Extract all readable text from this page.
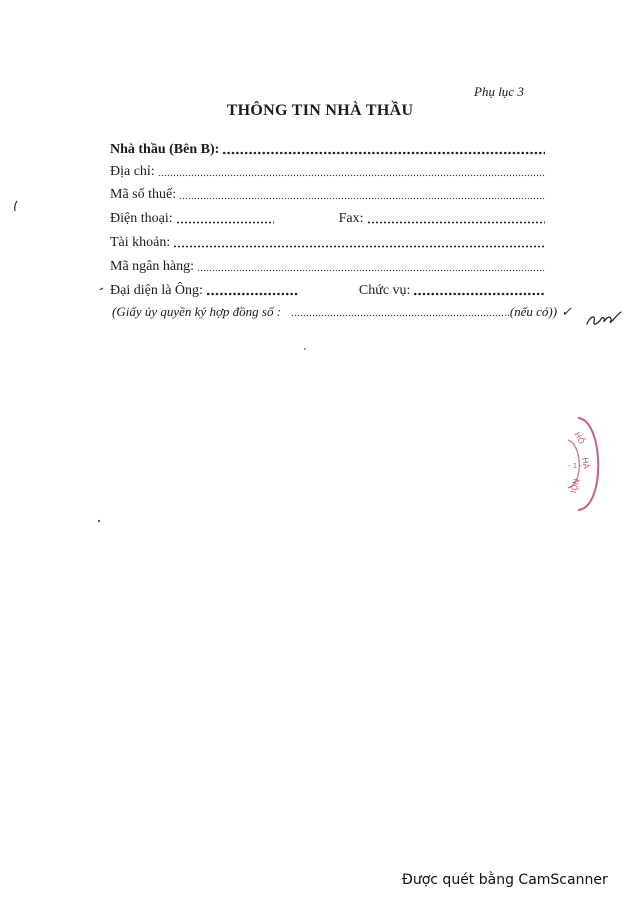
Phụ lục 3
THÔNG TIN NHÀ THẦU
Nhà thầu (Bên B):
Địa chỉ:
Mã số thuế:
Điện thoại:	Fax:
Tài khoản:
Mã ngân hàng:
Đại diện là Ông:	Chức vụ:
(Giấy ủy quyền ký hợp đồng số :	(nếu có)) ✓
HỒ
HÀ
NỘI
- 1 -
Được quét bằng CamScanner
